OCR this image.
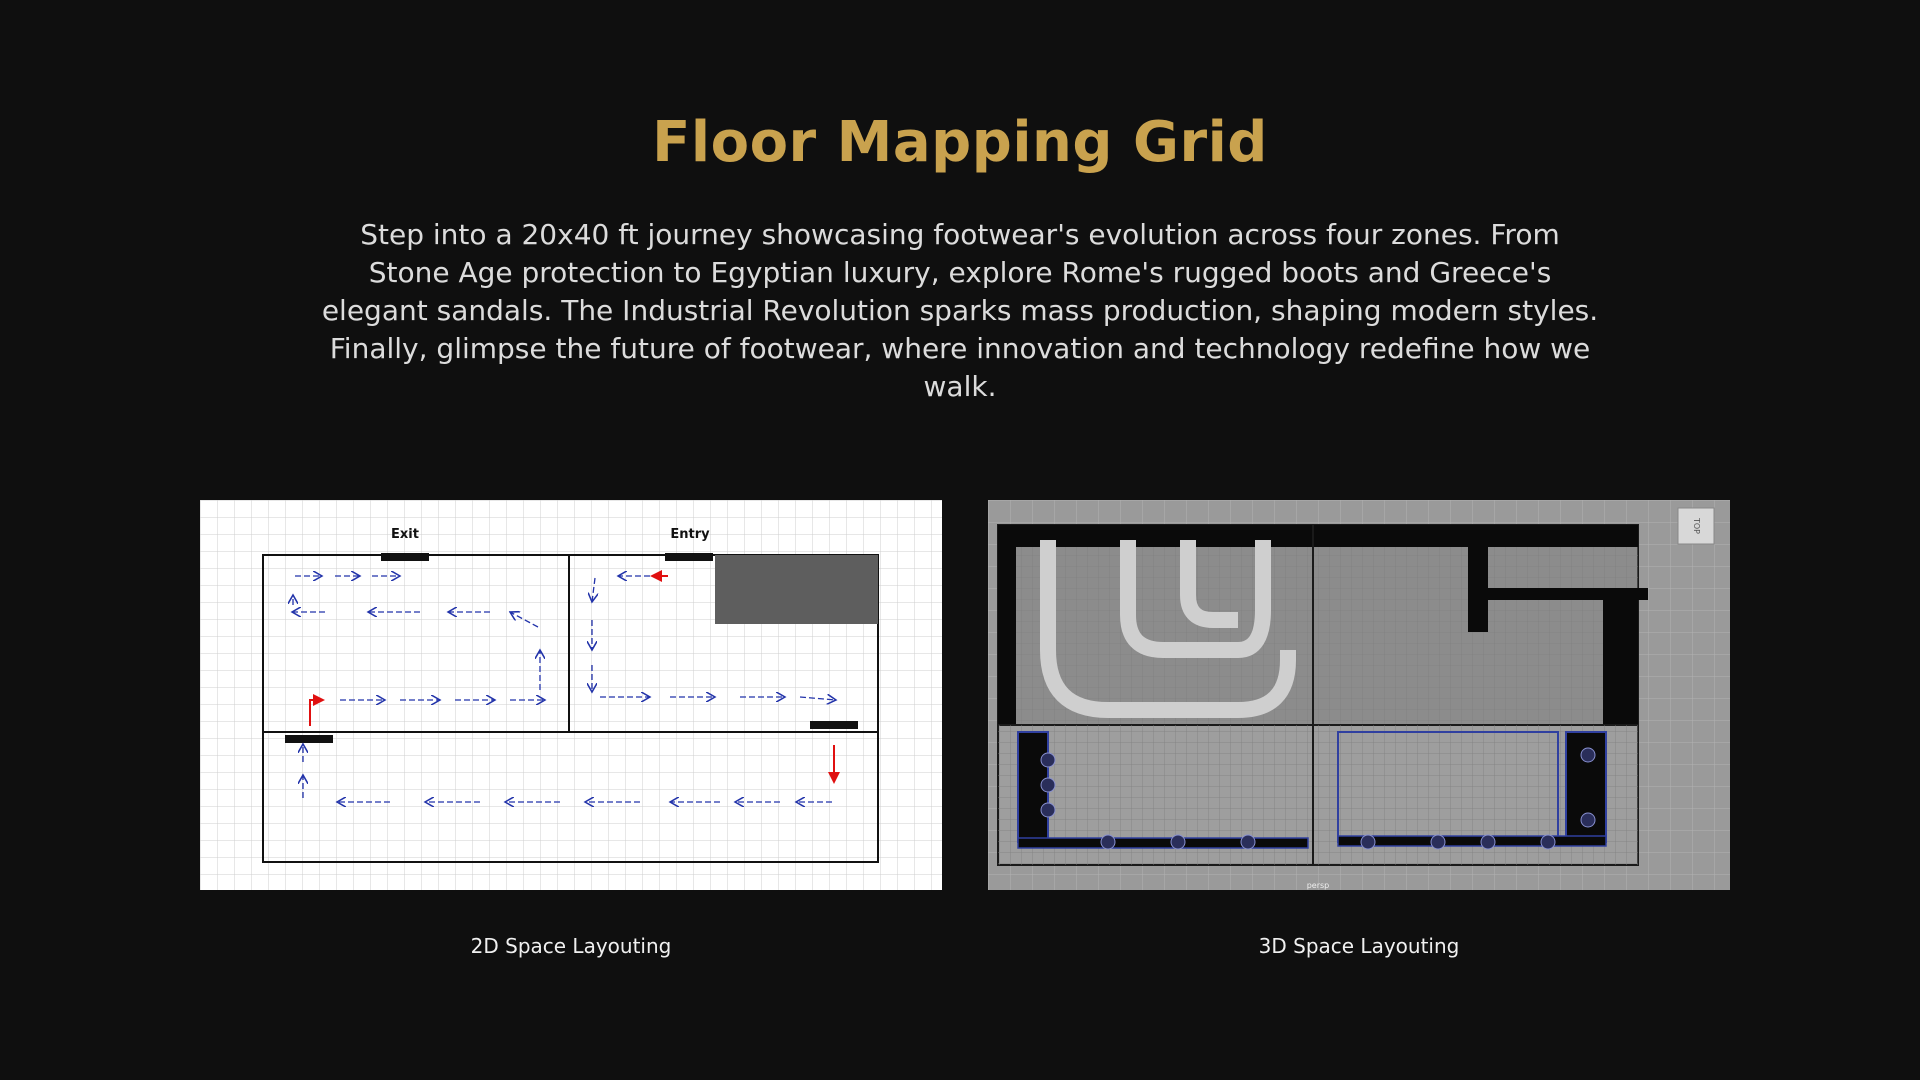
Floor Mapping Grid
Step into a 20x40 ft journey showcasing footwear's evolution across four zones. From Stone Age protection to Egyptian luxury, explore Rome's rugged boots and Greece's elegant sandals. The Industrial Revolution sparks mass production, shaping modern styles. Finally, glimpse the future of footwear, where innovation and technology redefine how we walk.
Exit	Entry
TOP
persp
2D Space Layouting	3D Space Layouting
